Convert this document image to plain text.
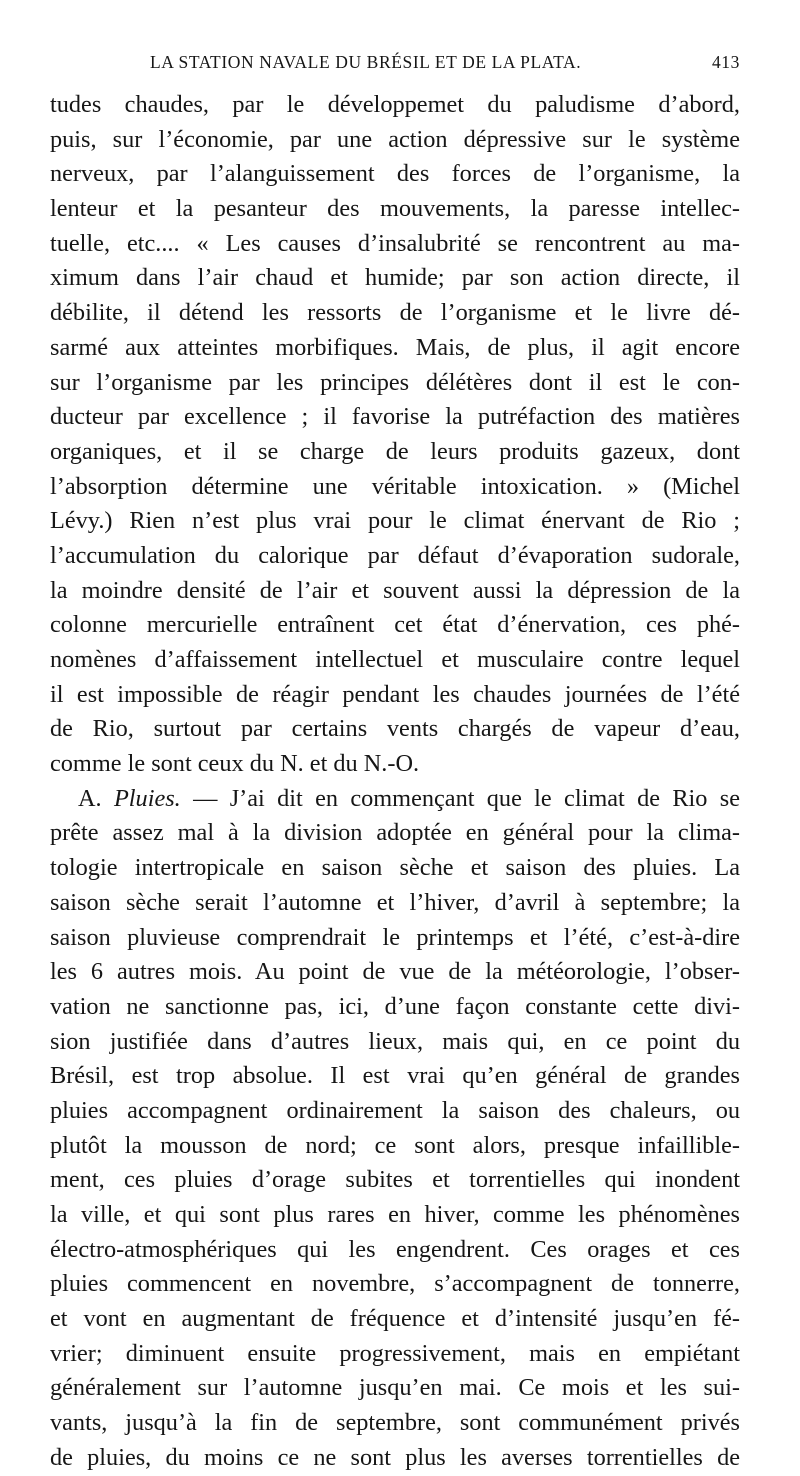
LA STATION NAVALE DU BRÉSIL ET DE LA PLATA.	413
tudes chaudes, par le développemet du paludisme d’abord,
puis, sur l’économie, par une action dépressive sur le système
nerveux, par l’alanguissement des forces de l’organisme, la
lenteur et la pesanteur des mouvements, la paresse intellec-
tuelle, etc.... « Les causes d’insalubrité se rencontrent au ma-
ximum dans l’air chaud et humide; par son action directe, il
débilite, il détend les ressorts de l’organisme et le livre dé-
sarmé aux atteintes morbifiques. Mais, de plus, il agit encore
sur l’organisme par les principes délétères dont il est le con-
ducteur par excellence ; il favorise la putréfaction des matières
organiques, et il se charge de leurs produits gazeux, dont
l’absorption détermine une véritable intoxication. » (Michel
Lévy.) Rien n’est plus vrai pour le climat énervant de Rio ;
l’accumulation du calorique par défaut d’évaporation sudorale,
la moindre densité de l’air et souvent aussi la dépression de la
colonne mercurielle entraînent cet état d’énervation, ces phé-
nomènes d’affaissement intellectuel et musculaire contre lequel
il est impossible de réagir pendant les chaudes journées de l’été
de Rio, surtout par certains vents chargés de vapeur d’eau,
comme le sont ceux du N. et du N.-O.
A. Pluies. — J’ai dit en commençant que le climat de Rio se
prête assez mal à la division adoptée en général pour la clima-
tologie intertropicale en saison sèche et saison des pluies. La
saison sèche serait l’automne et l’hiver, d’avril à septembre; la
saison pluvieuse comprendrait le printemps et l’été, c’est-à-dire
les 6 autres mois. Au point de vue de la météorologie, l’obser-
vation ne sanctionne pas, ici, d’une façon constante cette divi-
sion justifiée dans d’autres lieux, mais qui, en ce point du
Brésil, est trop absolue. Il est vrai qu’en général de grandes
pluies accompagnent ordinairement la saison des chaleurs, ou
plutôt la mousson de nord; ce sont alors, presque infaillible-
ment, ces pluies d’orage subites et torrentielles qui inondent
la ville, et qui sont plus rares en hiver, comme les phénomènes
électro-atmosphériques qui les engendrent. Ces orages et ces
pluies commencent en novembre, s’accompagnent de tonnerre,
et vont en augmentant de fréquence et d’intensité jusqu’en fé-
vrier; diminuent ensuite progressivement, mais en empiétant
généralement sur l’automne jusqu’en mai. Ce mois et les sui-
vants, jusqu’à la fin de septembre, sont communément privés
de pluies, du moins ce ne sont plus les averses torrentielles de
